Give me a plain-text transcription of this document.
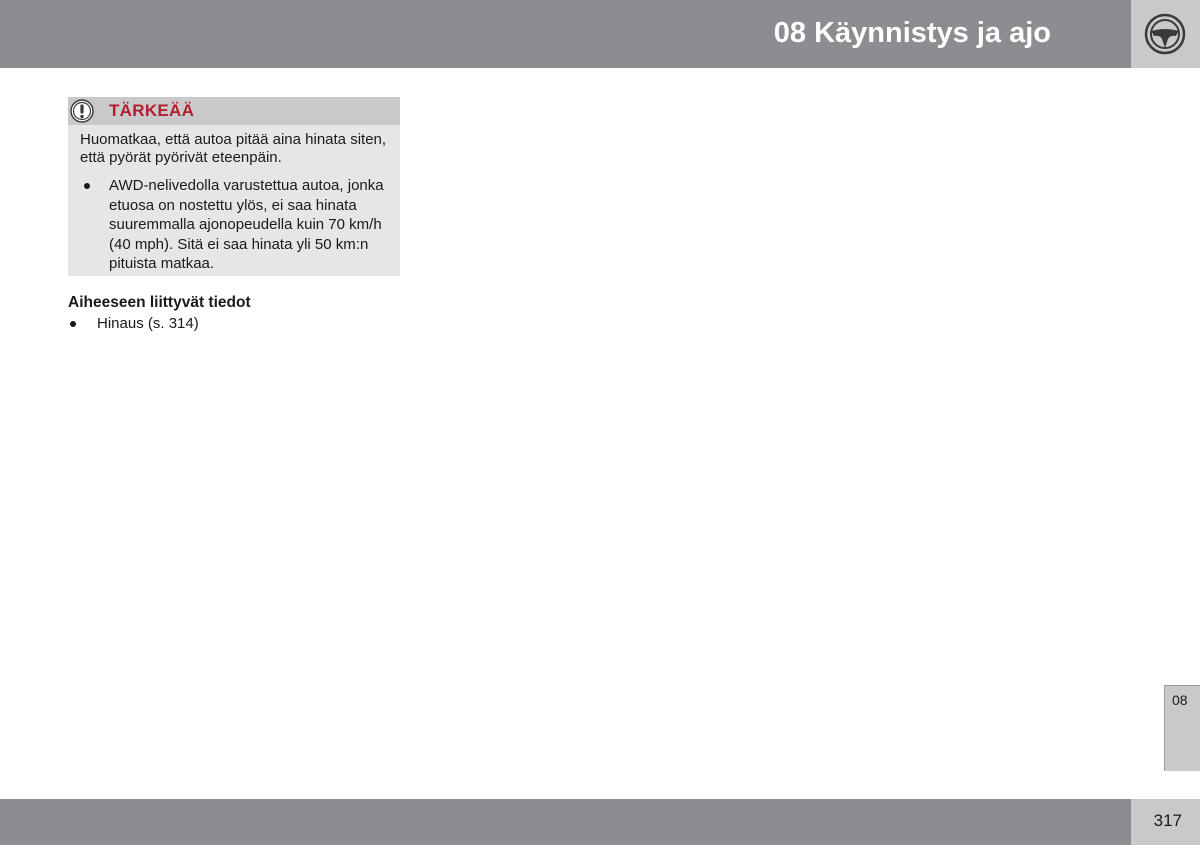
08 Käynnistys ja ajo
TÄRKEÄÄ

Huomatkaa, että autoa pitää aina hinata siten, että pyörät pyörivät eteenpäin.

AWD-nelivedolla varustettua autoa, jonka etuosa on nostettu ylös, ei saa hinata suuremmalla ajonopeudella kuin 70 km/h (40 mph). Sitä ei saa hinata yli 50 km:n pituista matkaa.
Aiheeseen liittyvät tiedot
Hinaus (s. 314)
08
317
